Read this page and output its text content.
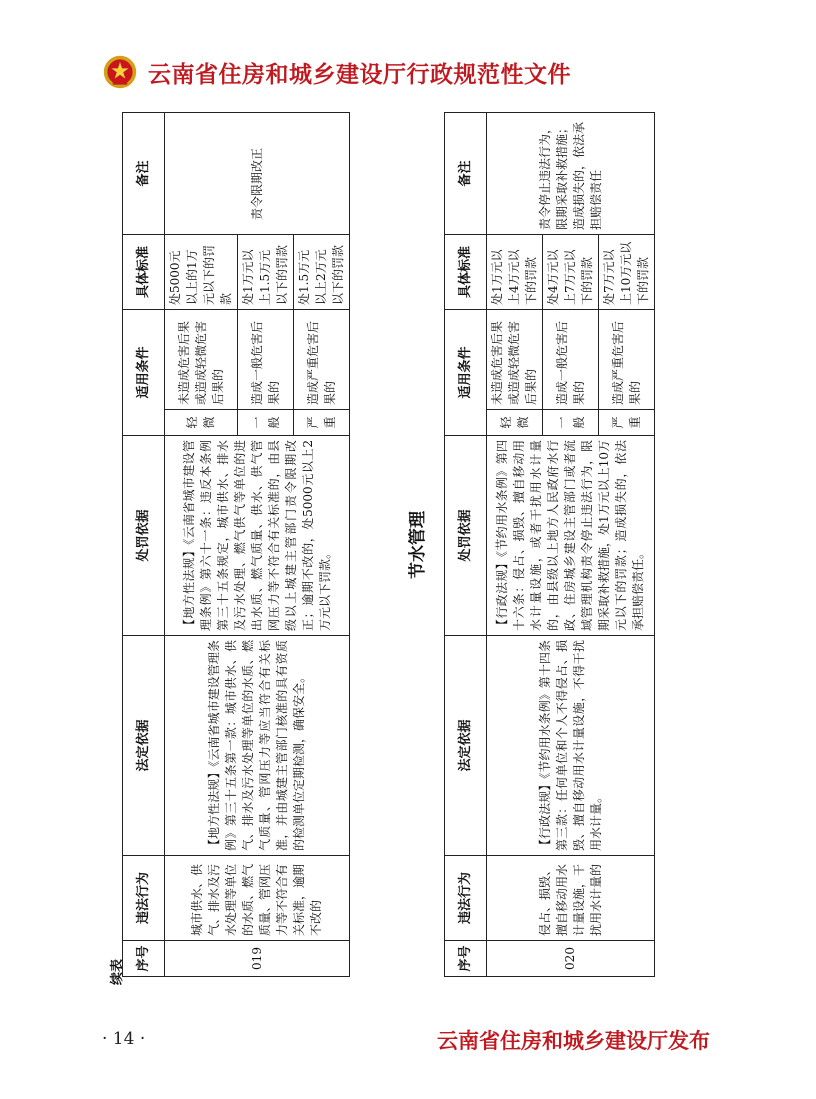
云南省住房和城乡建设厅行政规范性文件
续表
序号	违法行为	法定依据	处罚依据	适用条件		具体标准	备注
019	城市供水、供气、排水及污水处理等单位的水质、燃气质量、管网压力等不符合有关标准，逾期不改的	【地方性法规】《云南省城市建设管理条例》第三十五条第一款：城市供水、供气、排水及污水处理等单位的水质、燃气质量、管网压力等应当符合有关标准，并由城建主管部门核准的具有资质的检测单位定期检测，确保安全。	【地方性法规】《云南省城市建设管理条例》第六十一条：违反本条例第三十五条规定，城市供水、排水及污水处理、燃气供气等单位的进出水质、燃气质量、供水、供气管网压力等不符合有关标准的，由县级以上城建主管部门责令限期改正；逾期不改的，处5000元以上2万元以下罚款。	轻微	未造成危害后果或造成轻微危害后果的	处5000元以上的1万元以下的罚款	责令限期改正
				一般	造成一般危害后果的	处1万元以上1.5万元以下的罚款	
				严重	造成严重危害后果的	处1.5万元以上2万元以下的罚款	
节水管理
序号	违法行为	法定依据	处罚依据	适用条件		具体标准	备注
020	侵占、损毁、擅自移动用水计量设施，干扰用水计量的	【行政法规】《节约用水条例》第十四条第三款：任何单位和个人不得侵占、损毁、擅自移动用水计量设施，不得干扰用水计量。	【行政法规】《节约用水条例》第四十六条：侵占、损毁、擅自移动用水计量设施，或者干扰用水计量的，由县级以上地方人民政府水行政、住房城乡建设主管部门或者流域管理机构责令停止违法行为，限期采取补救措施，处1万元以上10万元以下的罚款；造成损失的，依法承担赔偿责任。	轻微	未造成危害后果或造成轻微危害后果的	处1万元以上4万元以下的罚款	责令停止违法行为，限期采取补救措施；造成损失的，依法承担赔偿责任
				一般	造成一般危害后果的	处4万元以上7万元以下的罚款	
				严重	造成严重危害后果的	处7万元以上10万元以下的罚款	
· 14 ·	云南省住房和城乡建设厅发布
